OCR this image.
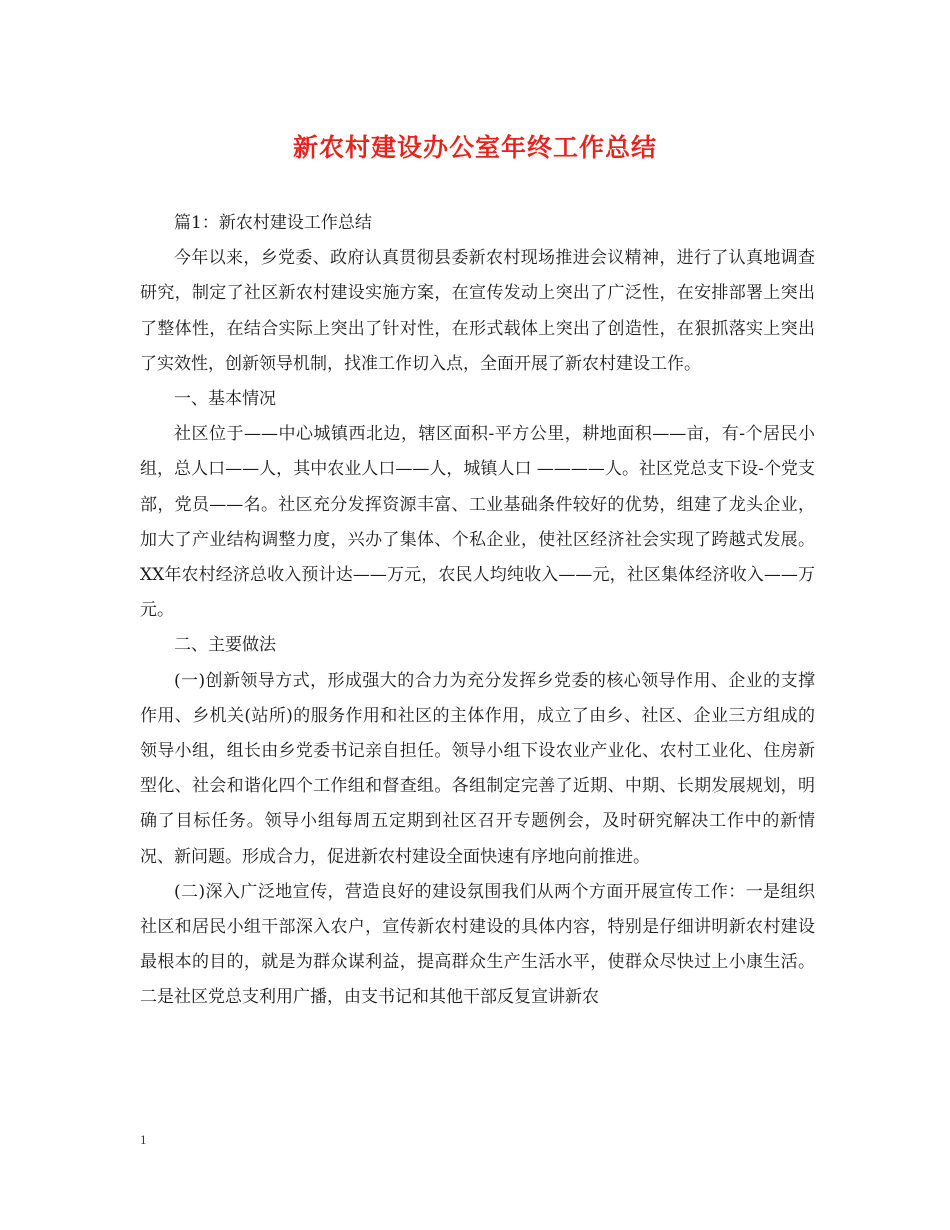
新农村建设办公室年终工作总结

篇1：新农村建设工作总结

今年以来，乡党委、政府认真贯彻县委新农村现场推进会议精神，进行了认真地调查研究，制定了社区新农村建设实施方案，在宣传发动上突出了广泛性，在安排部署上突出了整体性，在结合实际上突出了针对性，在形式载体上突出了创造性，在狠抓落实上突出了实效性，创新领导机制，找准工作切入点，全面开展了新农村建设工作。

一、基本情况

社区位于——中心城镇西北边，辖区面积-平方公里，耕地面积——亩，有-个居民小组，总人口——人，其中农业人口——人，城镇人口 ————人。社区党总支下设-个党支部，党员——名。社区充分发挥资源丰富、工业基础条件较好的优势，组建了龙头企业，加大了产业结构调整力度，兴办了集体、个私企业，使社区经济社会实现了跨越式发展。XX年农村经济总收入预计达——万元，农民人均纯收入——元，社区集体经济收入——万元。

二、主要做法

(一)创新领导方式，形成强大的合力为充分发挥乡党委的核心领导作用、企业的支撑作用、乡机关(站所)的服务作用和社区的主体作用，成立了由乡、社区、企业三方组成的领导小组，组长由乡党委书记亲自担任。领导小组下设农业产业化、农村工业化、住房新型化、社会和谐化四个工作组和督查组。各组制定完善了近期、中期、长期发展规划，明确了目标任务。领导小组每周五定期到社区召开专题例会，及时研究解决工作中的新情况、新问题。形成合力，促进新农村建设全面快速有序地向前推进。

(二)深入广泛地宣传，营造良好的建设氛围我们从两个方面开展宣传工作：一是组织社区和居民小组干部深入农户，宣传新农村建设的具体内容，特别是仔细讲明新农村建设最根本的目的，就是为群众谋利益，提高群众生产生活水平，使群众尽快过上小康生活。二是社区党总支利用广播，由支书记和其他干部反复宣讲新农

1
